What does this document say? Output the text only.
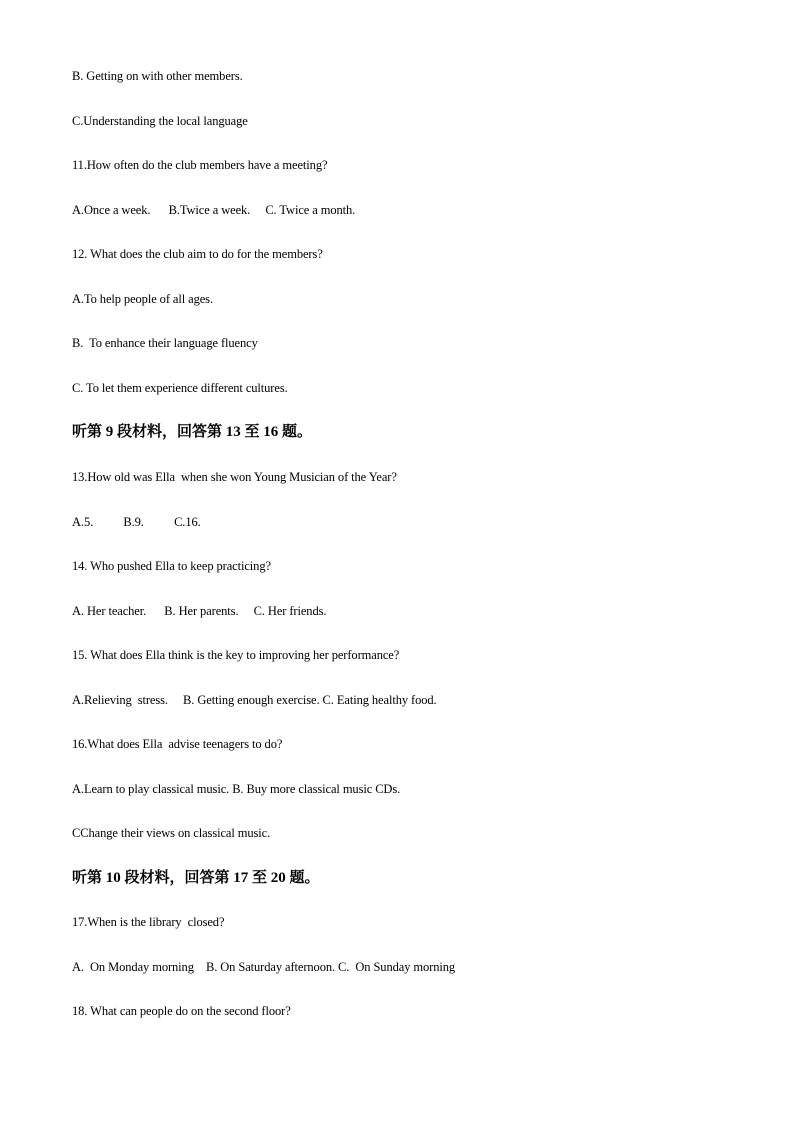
B. Getting on with other members.
C.Understanding the local language
11.How often do the club members have a meeting?
A.Once a week.      B.Twice a week.     C. Twice a month.
12. What does the club aim to do for the members?
A.To help people of all ages.
B.  To enhance their language fluency
C. To let them experience different cultures.
听第 9 段材料，回答第 13 至 16 题。
13.How old was Ella  when she won Young Musician of the Year?
A.5.          B.9.          C.16.
14. Who pushed Ella to keep practicing?
A. Her teacher.      B. Her parents.     C. Her friends.
15. What does Ella think is the key to improving her performance?
A.Relieving  stress.     B. Getting enough exercise. C. Eating healthy food.
16.What does Ella  advise teenagers to do?
A.Learn to play classical music. B. Buy more classical music CDs.
CChange their views on classical music.
听第 10 段材料，回答第 17 至 20 题。
17.When is the library  closed?
A.  On Monday morning    B. On Saturday afternoon. C.  On Sunday morning
18. What can people do on the second floor?
